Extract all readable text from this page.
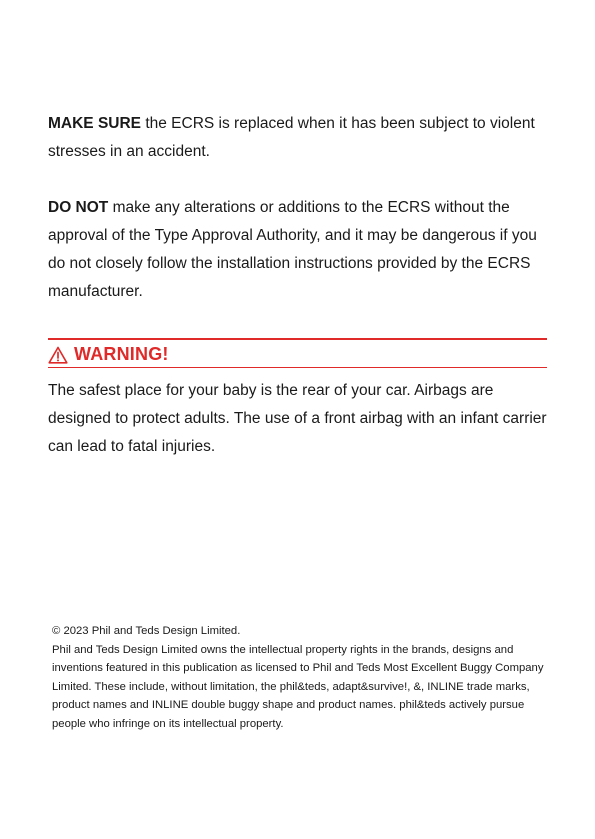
MAKE SURE the ECRS is replaced when it has been subject to violent stresses in an accident.

DO NOT make any alterations or additions to the ECRS without the approval of the Type Approval Authority, and it may be dangerous if you do not closely follow the installation instructions provided by the ECRS manufacturer.

WARNING!

The safest place for your baby is the rear of your car. Airbags are designed to protect adults. The use of a front airbag with an infant carrier can lead to fatal injuries.

© 2023 Phil and Teds Design Limited.

Phil and Teds Design Limited owns the intellectual property rights in the brands, designs and inventions featured in this publication as licensed to Phil and Teds Most Excellent Buggy Company Limited. These include, without limitation, the phil&teds, adapt&survive!, &, INLINE trade marks, product names and INLINE double buggy shape and product names. phil&teds actively pursue people who infringe on its intellectual property.
